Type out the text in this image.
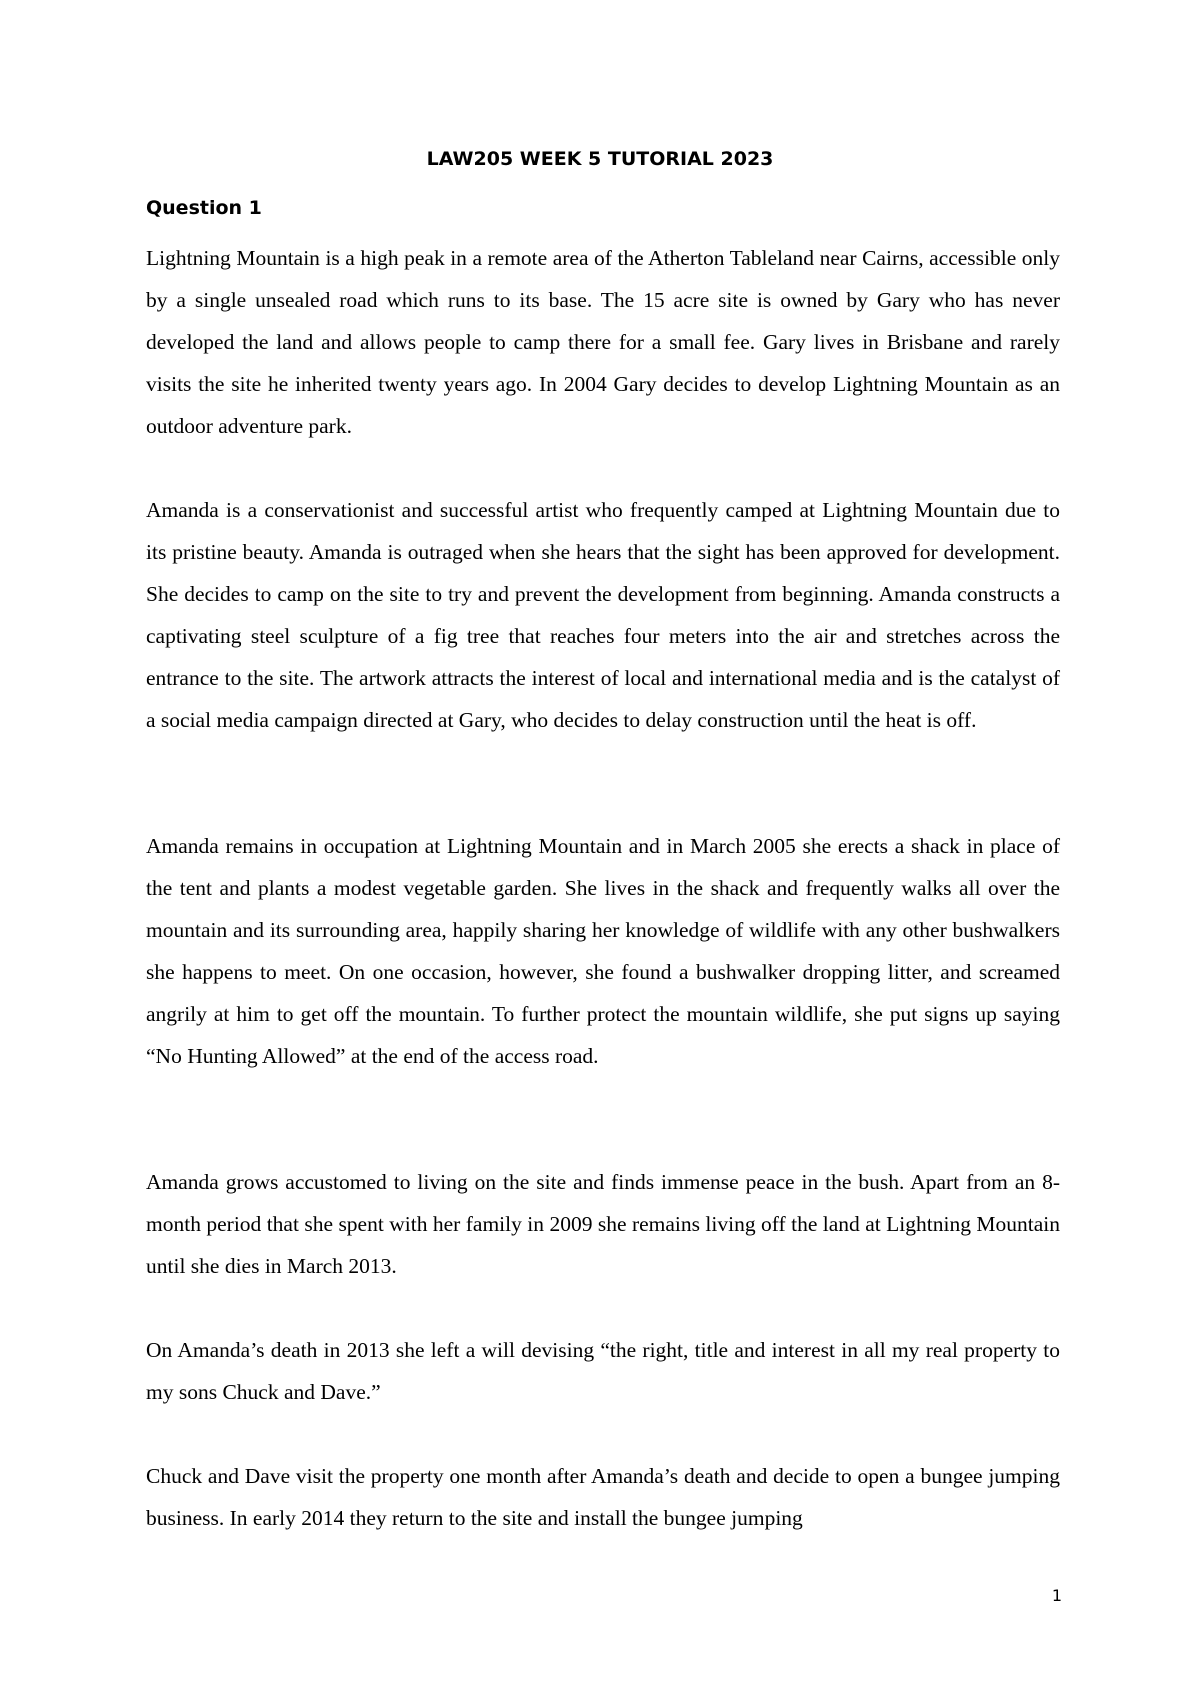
LAW205 WEEK 5 TUTORIAL 2023
Question 1

Lightning Mountain is a high peak in a remote area of the Atherton Tableland near Cairns, accessible only by a single unsealed road which runs to its base. The 15 acre site is owned by Gary who has never developed the land and allows people to camp there for a small fee. Gary lives in Brisbane and rarely visits the site he inherited twenty years ago. In 2004 Gary decides to develop Lightning Mountain as an outdoor adventure park.

Amanda is a conservationist and successful artist who frequently camped at Lightning Mountain due to its pristine beauty. Amanda is outraged when she hears that the sight has been approved for development. She decides to camp on the site to try and prevent the development from beginning. Amanda constructs a captivating steel sculpture of a fig tree that reaches four meters into the air and stretches across the entrance to the site. The artwork attracts the interest of local and international media and is the catalyst of a social media campaign directed at Gary, who decides to delay construction until the heat is off.

Amanda remains in occupation at Lightning Mountain and in March 2005 she erects a shack in place of the tent and plants a modest vegetable garden. She lives in the shack and frequently walks all over the mountain and its surrounding area, happily sharing her knowledge of wildlife with any other bushwalkers she happens to meet. On one occasion, however, she found a bushwalker dropping litter, and screamed angrily at him to get off the mountain. To further protect the mountain wildlife, she put signs up saying “No Hunting Allowed” at the end of the access road.

Amanda grows accustomed to living on the site and finds immense peace in the bush. Apart from an 8-month period that she spent with her family in 2009 she remains living off the land at Lightning Mountain until she dies in March 2013.

On Amanda’s death in 2013 she left a will devising “the right, title and interest in all my real property to my sons Chuck and Dave.”

Chuck and Dave visit the property one month after Amanda’s death and decide to open a bungee jumping business. In early 2014 they return to the site and install the bungee jumping

1
